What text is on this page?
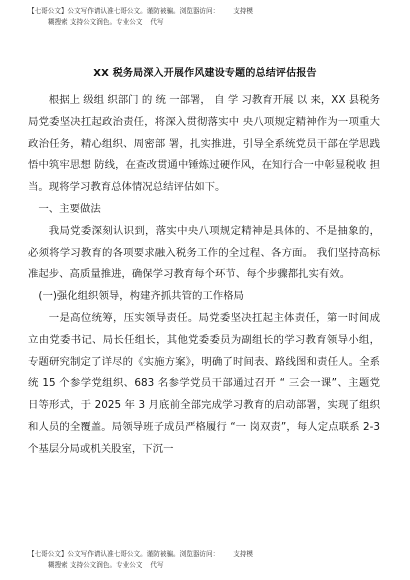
【七哥公文】公文写作请认准七哥公文。谨防被骗。浏览器访问： 支持模
糊搜索 支持公文润色。专业公文 代写
XX 税务局深入开展作风建设专题的总结评估报告

根据上 级组 织部门 的 统 一部署， 自 学 习教育开展 以 来，XX 县税务局党委坚决扛起政治责任，将深入贯彻落实中 央八项规定精神作为一项重大政治任务，精心组织、周密部 署，扎实推进，引导全系统党员干部在学思践悟中筑牢思想 防线，在查改贯通中锤炼过硬作风，在知行合一中彰显税收 担当。现将学习教育总体情况总结评估如下。

一、主要做法

我局党委深刻认识到，落实中央八项规定精神是具体的、不是抽象的，必须将学习教育的各项要求融入税务工作的全过程、各方面。 我们坚持高标准起步、高质量推进，确保学习教育每个环节、每个步骤都扎实有效。

(一)强化组织领导，构建齐抓共管的工作格局

一是高位统筹，压实领导责任。局党委坚决扛起主体责任，第一时间成立由党委书记、局长任组长，其他党委委员为副组长的学习教育领导小组，专题研究制定了详尽的《实施方案》，明确了时间表、路线图和责任人。全系统 15 个参学党组织、683 名参学党员干部通过召开 “ 三会一课”、主题党 日等形式，于 2025 年 3 月底前全部完成学习教育的启动部署，实现了组织和人员的全覆盖。局领导班子成员严格履行 “一 岗双责”，每人定点联系 2-3 个基层分局或机关股室，下沉一

【七哥公文】公文写作请认准七哥公文。谨防被骗。浏览器访问： 支持模
糊搜索 支持公文润色。专业公文 代写
